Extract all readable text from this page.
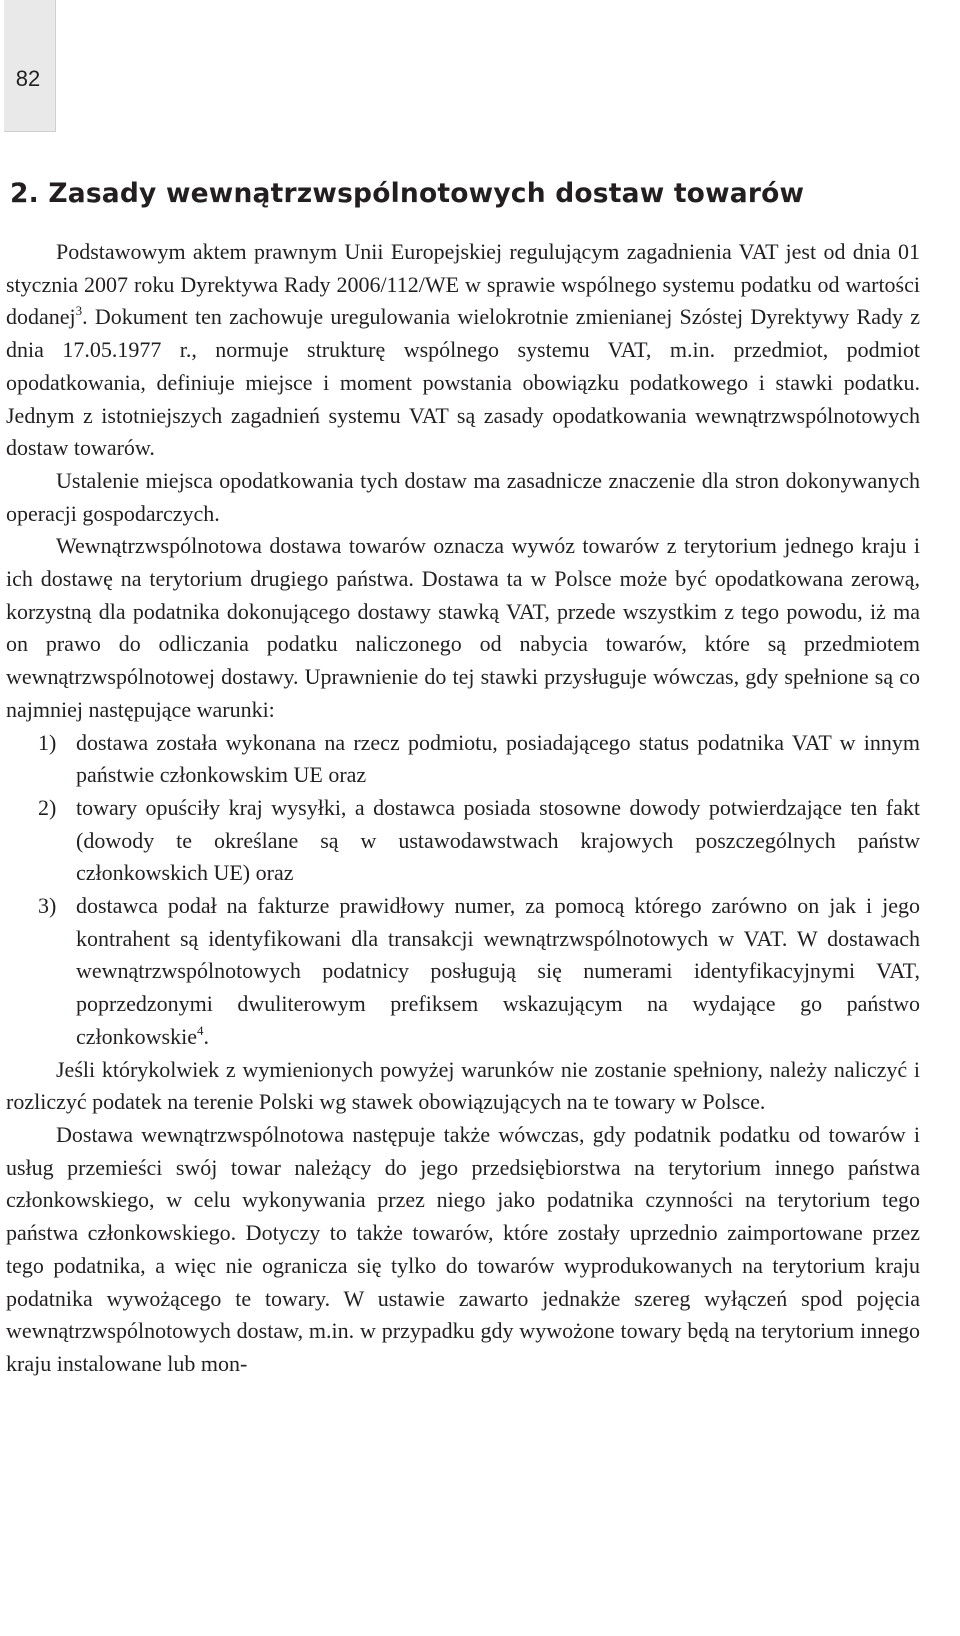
82
2. Zasady wewnątrzwspólnotowych dostaw towarów

Podstawowym aktem prawnym Unii Europejskiej regulującym zagadnienia VAT jest od dnia 01 stycznia 2007 roku Dyrektywa Rady 2006/112/WE w sprawie wspólnego systemu podatku od wartości dodanej$^3$. Dokument ten zachowuje uregulowania wielokrotnie zmienianej Szóstej Dyrektywy Rady z dnia 17.05.1977 r., normuje strukturę wspólnego systemu VAT, m.in. przedmiot, podmiot opodatkowania, definiuje miejsce i moment powstania obowiązku podatkowego i stawki podatku. Jednym z istotniejszych zagadnień systemu VAT są zasady opodatkowania wewnątrzwspólnotowych dostaw towarów.

Ustalenie miejsca opodatkowania tych dostaw ma zasadnicze znaczenie dla stron dokonywanych operacji gospodarczych.

Wewnątrzwspólnotowa dostawa towarów oznacza wywóz towarów z terytorium jednego kraju i ich dostawę na terytorium drugiego państwa. Dostawa ta w Polsce może być opodatkowana zerową, korzystną dla podatnika dokonującego dostawy stawką VAT, przede wszystkim z tego powodu, iż ma on prawo do odliczania podatku naliczonego od nabycia towarów, które są przedmiotem wewnątrzwspólnotowej dostawy. Uprawnienie do tej stawki przysługuje wówczas, gdy spełnione są co najmniej następujące warunki:

1) dostawa została wykonana na rzecz podmiotu, posiadającego status podatnika VAT w innym państwie członkowskim UE oraz
2) towary opuściły kraj wysyłki, a dostawca posiada stosowne dowody potwierdzające ten fakt (dowody te określane są w ustawodawstwach krajowych poszczególnych państw członkowskich UE) oraz
3) dostawca podał na fakturze prawidłowy numer, za pomocą którego zarówno on jak i jego kontrahent są identyfikowani dla transakcji wewnątrzwspólnotowych w VAT. W dostawach wewnątrzwspólnotowych podatnicy posługują się numerami identyfikacyjnymi VAT, poprzedzonymi dwuliterowym prefiksem wskazującym na wydające go państwo członkowskie$^4$.

Jeśli którykolwiek z wymienionych powyżej warunków nie zostanie spełniony, należy naliczyć i rozliczyć podatek na terenie Polski wg stawek obowiązujących na te towary w Polsce.

Dostawa wewnątrzwspólnotowa następuje także wówczas, gdy podatnik podatku od towarów i usług przemieści swój towar należący do jego przedsiębiorstwa na terytorium innego państwa członkowskiego, w celu wykonywania przez niego jako podatnika czynności na terytorium tego państwa członkowskiego. Dotyczy to także towarów, które zostały uprzednio zaimportowane przez tego podatnika, a więc nie ogranicza się tylko do towarów wyprodukowanych na terytorium kraju podatnika wywożącego te towary. W ustawie zawarto jednakże szereg wyłączeń spod pojęcia wewnątrzwspólnotowych dostaw, m.in. w przypadku gdy wywożone towary będą na terytorium innego kraju instalowane lub mon-
